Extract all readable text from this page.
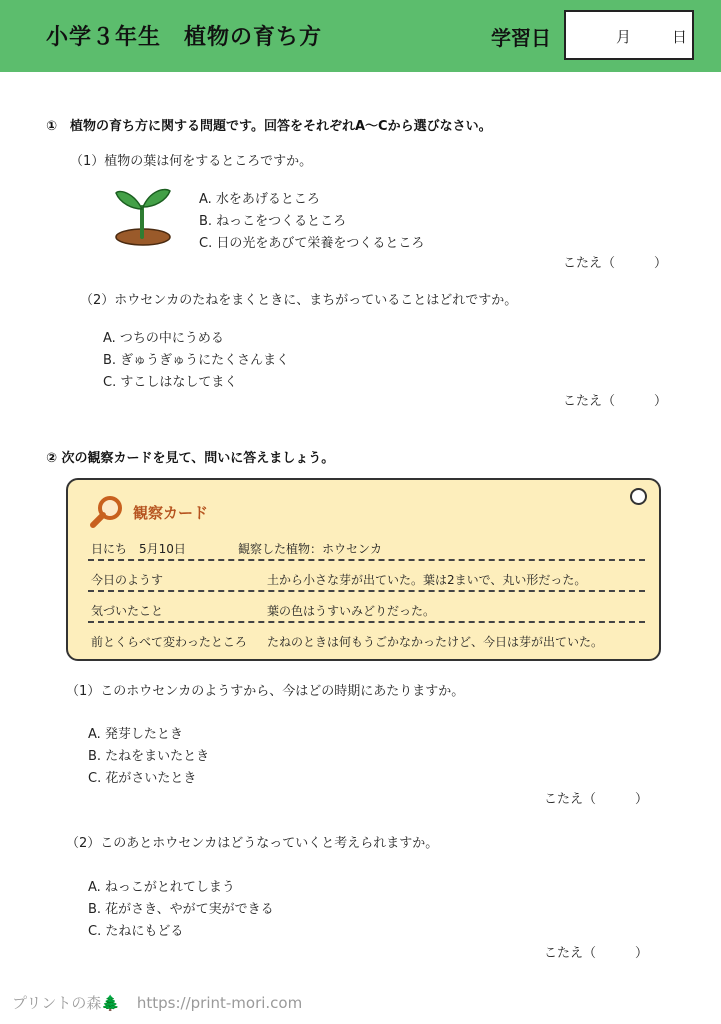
小学３年生　植物の育ち方	学習日	月	日
①　植物の育ち方に関する問題です。回答をそれぞれA〜Cから選びなさい。
（1）植物の葉は何をするところですか。
A. 水をあげるところ
B. ねっこをつくるところ
C. 日の光をあびて栄養をつくるところ
こたえ（　　　）
（2）ホウセンカのたねをまくときに、まちがっていることはどれですか。
A. つちの中にうめる
B. ぎゅうぎゅうにたくさんまく
C. すこしはなしてまく
こたえ（　　　）
② 次の観察カードを見て、問いに答えましょう。
観察カード
日にち　5月10日	観察した植物：ホウセンカ
今日のようす	土から小さな芽が出ていた。葉は2まいで、丸い形だった。
気づいたこと	葉の色はうすいみどりだった。
前とくらべて変わったところ たねのときは何もうごかなかったけど、今日は芽が出ていた。
（1）このホウセンカのようすから、今はどの時期にあたりますか。
A. 発芽したとき
B. たねをまいたとき
C. 花がさいたとき
こたえ（　　　）
（2）このあとホウセンカはどうなっていくと考えられますか。
A. ねっこがとれてしまう
B. 花がさき、やがて実ができる
C. たねにもどる
こたえ（　　　）
プリントの森🌲 https://print-mori.com
